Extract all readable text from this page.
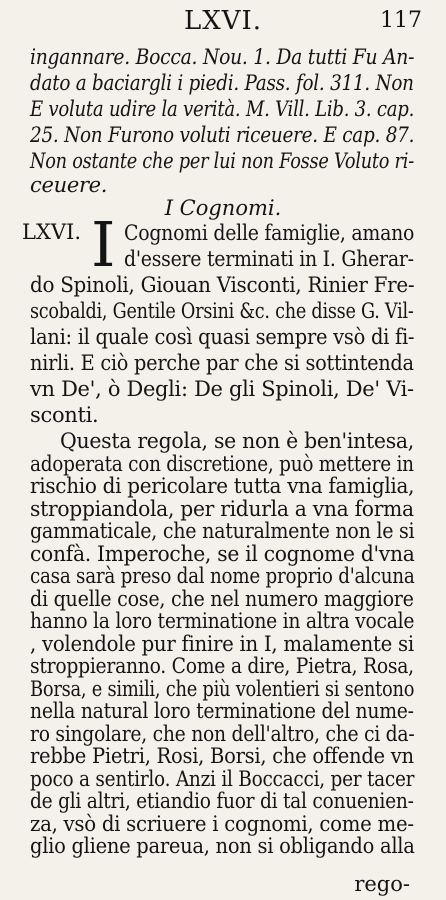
LXVI.	117
ingannare. Bocca. Nou. 1. Da tutti Fu An-
dato a baciargli i piedi. Pass. fol. 311. Non
E voluta udire la verità. M. Vill. Lib. 3. cap.
25. Non Furono voluti riceuere. E cap. 87.
Non ostante che per lui non Fosse Voluto ri-
ceuere.
I Cognomi.
LXVI. I Cognomi delle famiglie, amano
d'essere terminati in I. Gherar-
do Spinoli, Giouan Visconti, Rinier Fre-
scobaldi, Gentile Orsini &c. che disse G. Vil-
lani: il quale così quasi sempre vsò di fi-
nirli. E ciò perche par che si sottintenda
vn De', ò Degli: De gli Spinoli, De' Vi-
sconti.
Questa regola, se non è ben'intesa,
adoperata con discretione, può mettere in
rischio di pericolare tutta vna famiglia,
stroppiandola, per ridurla a vna forma
gammaticale, che naturalmente non le si
confà. Imperoche, se il cognome d'vna
casa sarà preso dal nome proprio d'alcuna
di quelle cose, che nel numero maggiore
hanno la loro terminatione in altra vocale
, volendole pur finire in I, malamente si
stroppieranno. Come a dire, Pietra, Rosa,
Borsa, e simili, che più volentieri si sentono
nella natural loro terminatione del nume-
ro singolare, che non dell'altro, che ci da-
rebbe Pietri, Rosi, Borsi, che offende vn
poco a sentirlo. Anzi il Boccacci, per tacer
de gli altri, etiandio fuor di tal conuenien-
za, vsò di scriuere i cognomi, come me-
glio gliene pareua, non si obligando alla
rego-
